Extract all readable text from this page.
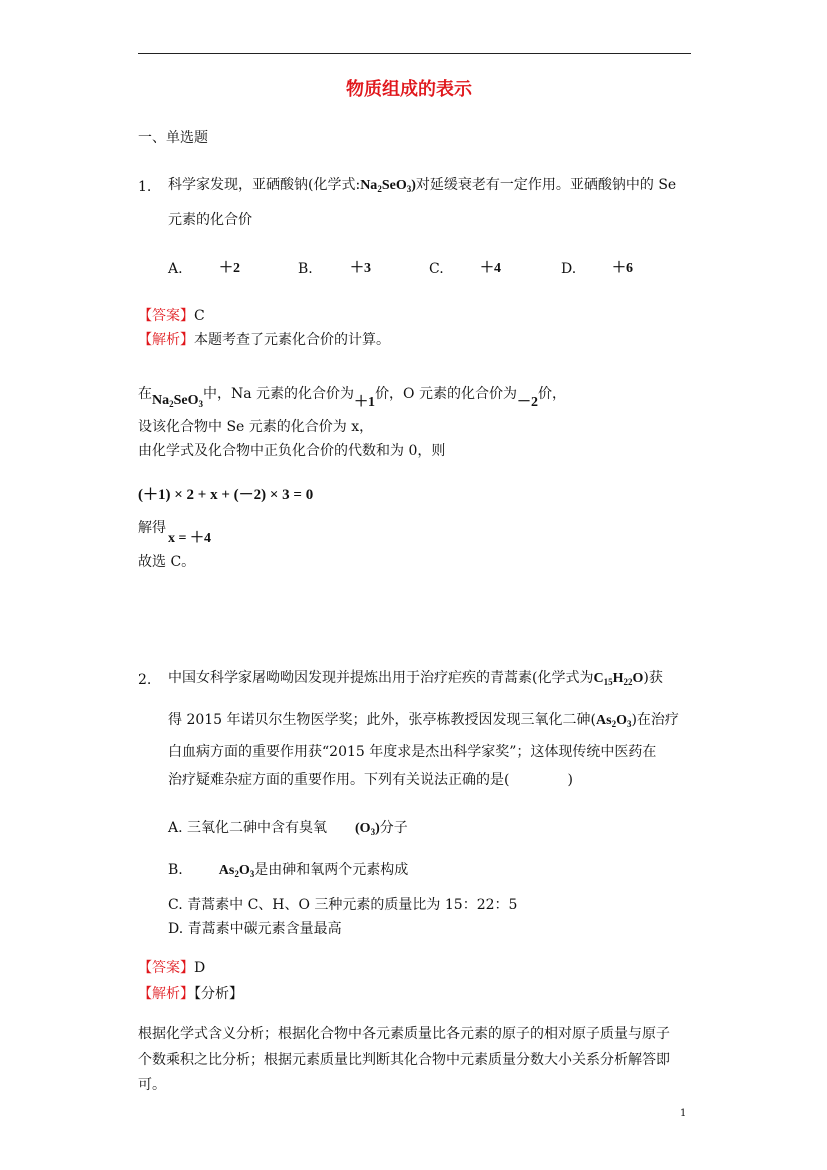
物质组成的表示
一、单选题
1. 科学家发现，亚硒酸钠(化学式$:Na_2SeO_3$)对延缓衰老有一定作用。亚硒酸钠中的 Se
元素的化合价
A.	＋2	B.	＋3	C.	＋4	D.	＋6
【答案】C
【解析】本题考查了元素化合价的计算。
在$Na_2SeO_3$中，Na 元素的化合价为＋1价，O 元素的化合价为－2价，
设该化合物中 Se 元素的化合价为 x，
由化学式及化合物中正负化合价的代数和为 0，则
(＋1) × 2 + x + (－2) × 3 = 0
解得
x = ＋4
故选 C。
2. 中国女科学家屠呦呦因发现并提炼出用于治疗疟疾的青蒿素(化学式为$C_{15}H_{22}O$)获
得 2015 年诺贝尔生物医学奖；此外，张亭栋教授因发现三氧化二砷$(As_2O_3)$在治疗
白血病方面的重要作用获“2015 年度求是杰出科学家奖”；这体现传统中医药在
治疗疑难杂症方面的重要作用。下列有关说法正确的是(	)
A. 三氧化二砷中含有臭氧 $(O_3)$分子
B.	$As_2O_3$是由砷和氧两个元素构成
C. 青蒿素中 C、H、O 三种元素的质量比为 15：22：5
D. 青蒿素中碳元素含量最高
【答案】D
【解析】【分析】
根据化学式含义分析；根据化合物中各元素质量比各元素的原子的相对原子质量与原子
个数乘积之比分析；根据元素质量比判断其化合物中元素质量分数大小关系分析解答即
可。
1
